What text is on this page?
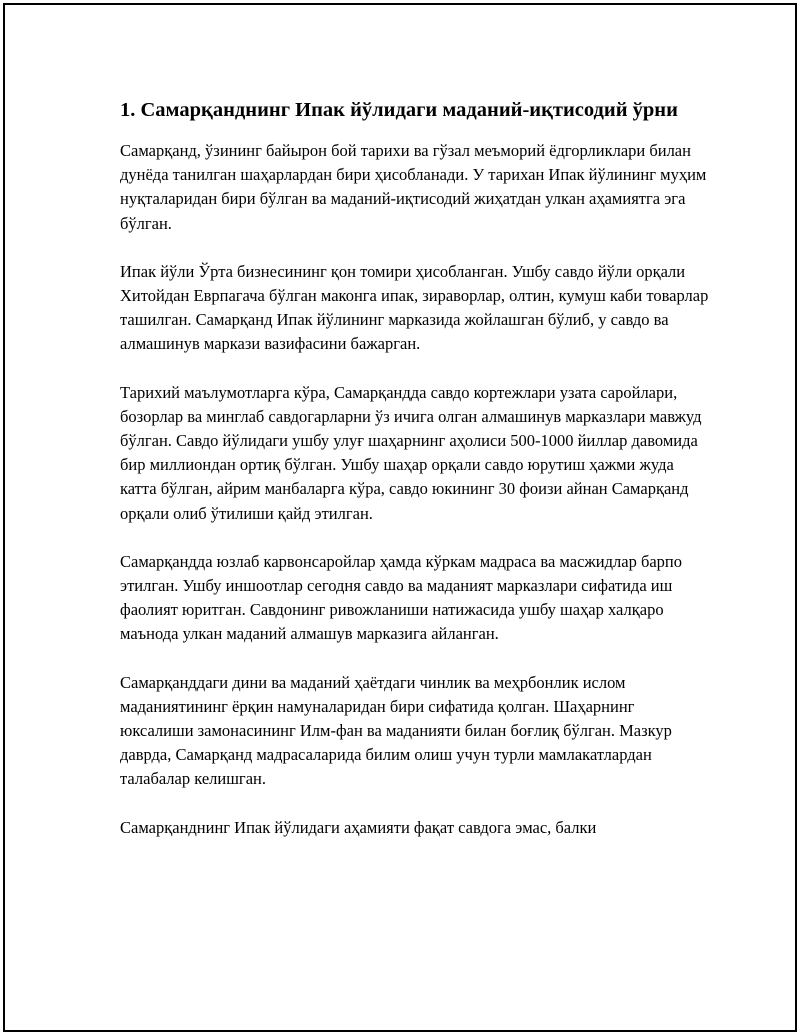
1. Самарқанднинг Ипак йўлидаги маданий-иқтисодий ўрни

Самарқанд, ўзининг байырон бой тарихи ва гўзал меъморий ёдгорликлари билан дунёда танилган шаҳарлардан бири ҳисобланади. У тарихан Ипак йўлининг муҳим нуқталаридан бири бўлган ва маданий-иқтисодий жиҳатдан улкан аҳамиятга эга бўлган.

Ипак йўли Ўрта бизнесининг қон томири ҳисобланган. Ушбу савдо йўли орқали Хитойдан Еврпагача бўлган маконга ипак, зираворлар, олтин, кумуш каби товарлар ташилган. Самарқанд Ипак йўлининг марказида жойлашган бўлиб, у савдо ва алмашинув маркази вазифасини бажарган.

Тарихий маълумотларга кўра, Самарқандда савдо кортежлари узата саройлари, бозорлар ва минглаб савдогарларни ўз ичига олган алмашинув марказлари мавжуд бўлган. Савдо йўлидаги ушбу улуғ шаҳарнинг аҳолиси 500-1000 йиллар давомида бир миллиондан ортиқ бўлган. Ушбу шаҳар орқали савдо юрутиш ҳажми жуда катта бўлган, айрим манбаларга кўра, савдо юкининг 30 фоизи айнан Самарқанд орқали олиб ўтилиши қайд этилган.

Самарқандда юзлаб карвонсаройлар ҳамда кўркам мадраса ва масжидлар барпо этилган. Ушбу иншоотлар сегодня савдо ва маданият марказлари сифатида иш фаолият юритган. Савдонинг ривожланиши натижасида ушбу шаҳар халқаро маънода улкан маданий алмашув марказига айланган.

Самарқанддаги дини ва маданий ҳаётдаги чинлик ва меҳрбонлик ислом маданиятининг ёрқин намуналаридан бири сифатида қолган. Шаҳарнинг юксалиши замонасининг Илм-фан ва маданияти билан боғлиқ бўлган. Мазкур даврда, Самарқанд мадрасаларида билим олиш учун турли мамлакатлардан талабалар келишган.

Самарқанднинг Ипак йўлидаги аҳамияти фақат савдога эмас, балки
